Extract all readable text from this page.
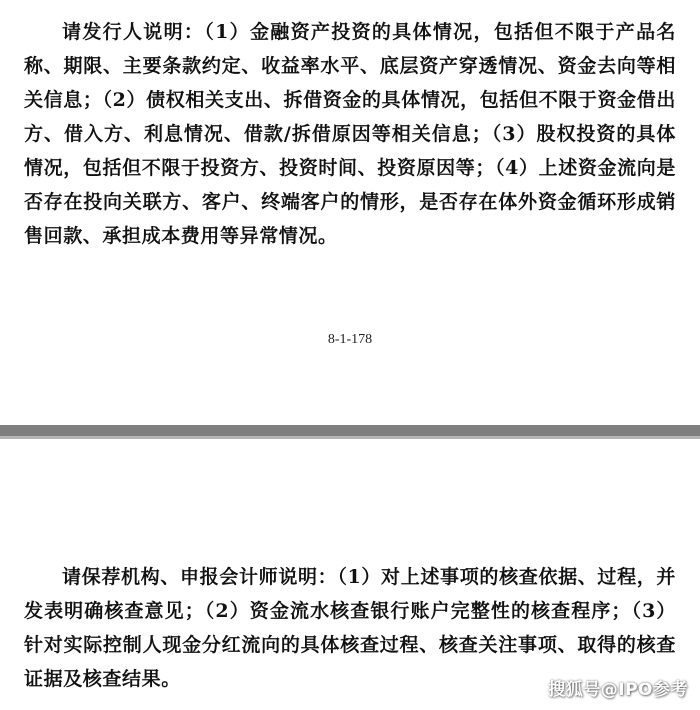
请发行人说明：（1）金融资产投资的具体情况，包括但不限于产品名称、期限、主要条款约定、收益率水平、底层资产穿透情况、资金去向等相关信息；（2）债权相关支出、拆借资金的具体情况，包括但不限于资金借出方、借入方、利息情况、借款/拆借原因等相关信息；（3）股权投资的具体情况，包括但不限于投资方、投资时间、投资原因等；（4）上述资金流向是否存在投向关联方、客户、终端客户的情形，是否存在体外资金循环形成销售回款、承担成本费用等异常情况。

8-1-178

请保荐机构、申报会计师说明：（1）对上述事项的核查依据、过程，并发表明确核查意见；（2）资金流水核查银行账户完整性的核查程序；（3）针对实际控制人现金分红流向的具体核查过程、核查关注事项、取得的核查证据及核查结果。	搜狐号@IPO参考
